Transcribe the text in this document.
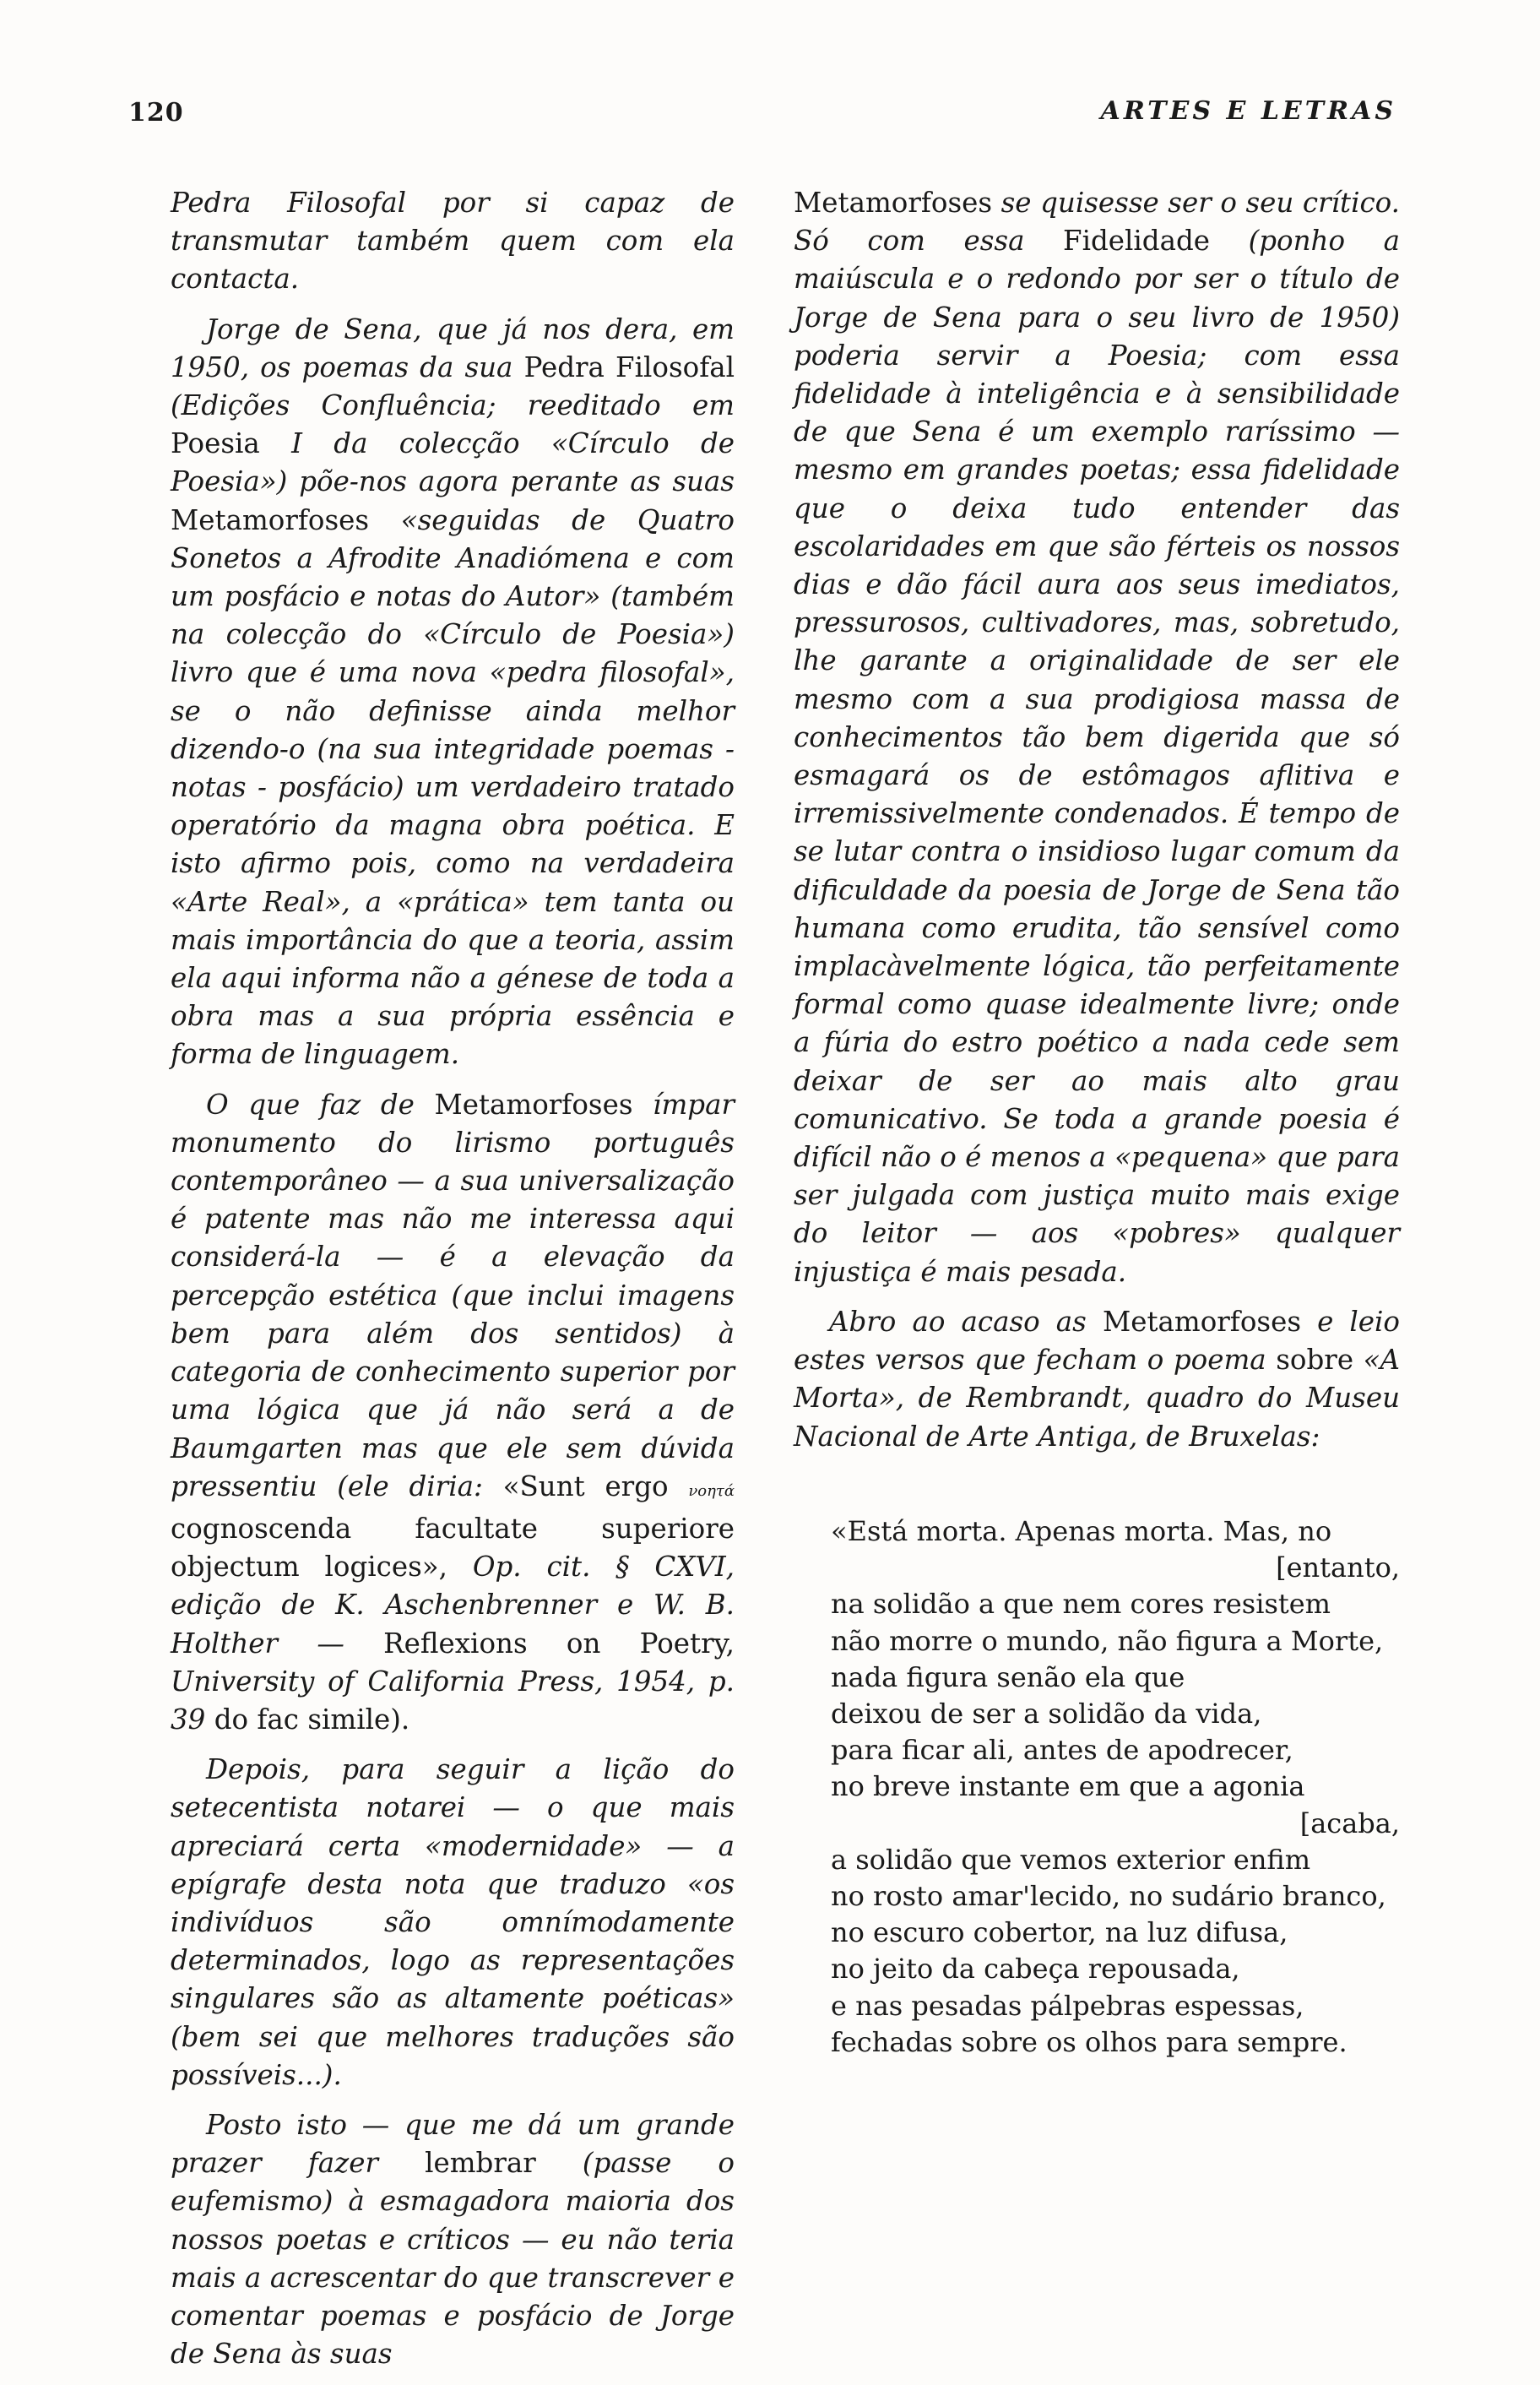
120	ARTES E LETRAS

Pedra Filosofal por si capaz de transmutar também quem com ela contacta.

Jorge de Sena, que já nos dera, em 1950, os poemas da sua Pedra Filosofal (Edições Confluência; reeditado em Poesia I da colecção «Círculo de Poesia») põe-nos agora perante as suas Metamorfoses «seguidas de Quatro Sonetos a Afrodite Anadiómena e com um posfácio e notas do Autor» (também na colecção do «Círculo de Poesia») livro que é uma nova «pedra filosofal», se o não definisse ainda melhor dizendo-o (na sua integridade poemas - notas - posfácio) um verdadeiro tratado operatório da magna obra poética. E isto afirmo pois, como na verdadeira «Arte Real», a «prática» tem tanta ou mais importância do que a teoria, assim ela aqui informa não a génese de toda a obra mas a sua própria essência e forma de linguagem.

O que faz de Metamorfoses ímpar monumento do lirismo português contemporâneo — a sua universalização é patente mas não me interessa aqui considerá-la — é a elevação da percepção estética (que inclui imagens bem para além dos sentidos) à categoria de conhecimento superior por uma lógica que já não será a de Baumgarten mas que ele sem dúvida pressentiu (ele diria: «Sunt ergo νοητά cognoscenda facultate superiore objectum logices», Op. cit. § CXVI, edição de K. Aschenbrenner e W. B. Holther — Reflexions on Poetry, University of California Press, 1954, p. 39 do fac simile).

Depois, para seguir a lição do setecentista notarei — o que mais apreciará certa «modernidade» — a epígrafe desta nota que traduzo «os indivíduos são omnímodamente determinados, logo as representações singulares são as altamente poéticas» (bem sei que melhores traduções são possíveis...).

Posto isto — que me dá um grande prazer fazer lembrar (passe o eufemismo) à esmagadora maioria dos nossos poetas e críticos — eu não teria mais a acrescentar do que transcrever e comentar poemas e posfácio de Jorge de Sena às suas

Metamorfoses se quisesse ser o seu crítico. Só com essa Fidelidade (ponho a maiúscula e o redondo por ser o título de Jorge de Sena para o seu livro de 1950) poderia servir a Poesia; com essa fidelidade à inteligência e à sensibilidade de que Sena é um exemplo raríssimo — mesmo em grandes poetas; essa fidelidade que o deixa tudo entender das escolaridades em que são férteis os nossos dias e dão fácil aura aos seus imediatos, pressurosos, cultivadores, mas, sobretudo, lhe garante a originalidade de ser ele mesmo com a sua prodigiosa massa de conhecimentos tão bem digerida que só esmagará os de estômagos aflitiva e irremissivelmente condenados. É tempo de se lutar contra o insidioso lugar comum da dificuldade da poesia de Jorge de Sena tão humana como erudita, tão sensível como implacàvelmente lógica, tão perfeitamente formal como quase idealmente livre; onde a fúria do estro poético a nada cede sem deixar de ser ao mais alto grau comunicativo. Se toda a grande poesia é difícil não o é menos a «pequena» que para ser julgada com justiça muito mais exige do leitor — aos «pobres» qualquer injustiça é mais pesada.

Abro ao acaso as Metamorfoses e leio estes versos que fecham o poema sobre «A Morta», de Rembrandt, quadro do Museu Nacional de Arte Antiga, de Bruxelas:

«Está morta. Apenas morta. Mas, no
[entanto,
na solidão a que nem cores resistem
não morre o mundo, não figura a Morte,
nada figura senão ela que
deixou de ser a solidão da vida,
para ficar ali, antes de apodrecer,
no breve instante em que a agonia
[acaba,
a solidão que vemos exterior enfim
no rosto amar'lecido, no sudário branco,
no escuro cobertor, na luz difusa,
no jeito da cabeça repousada,
e nas pesadas pálpebras espessas,
fechadas sobre os olhos para sempre.
